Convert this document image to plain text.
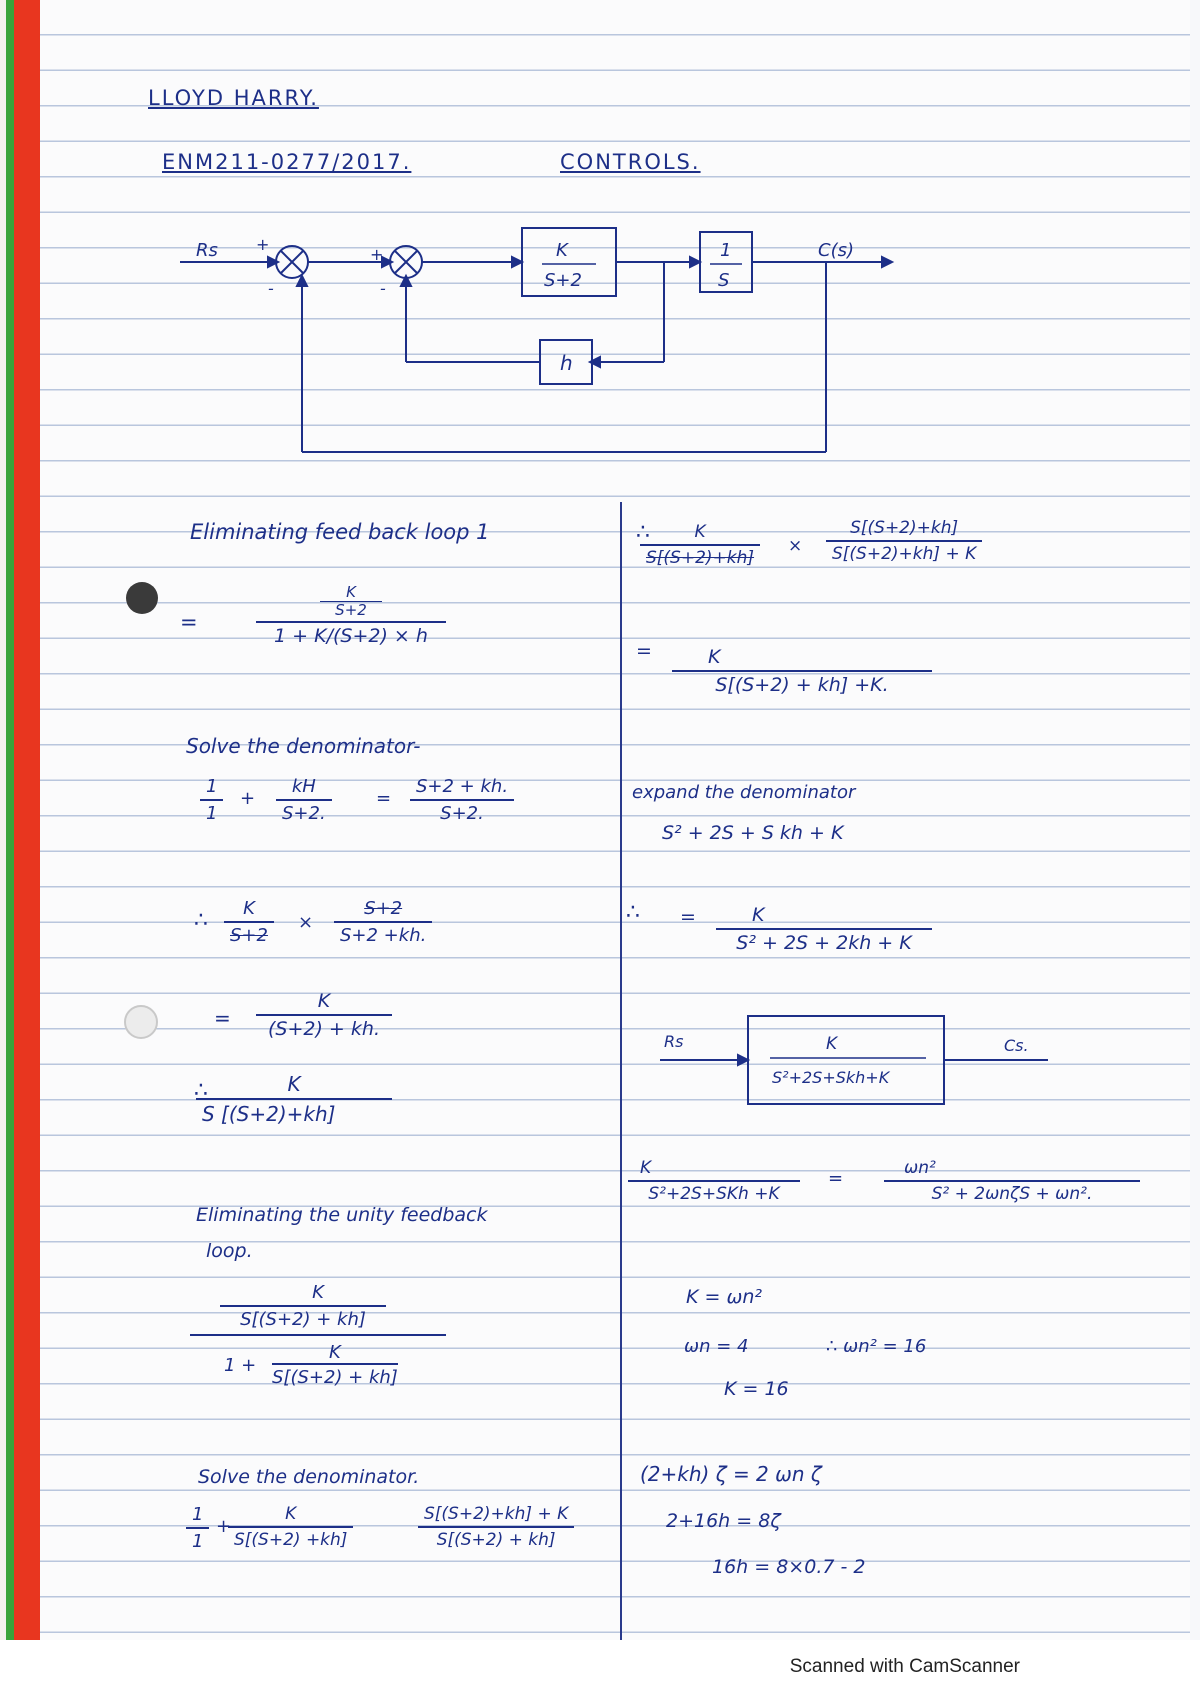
LLOYD HARRY.
ENM211-0277/2017.	CONTROLS.
Rs	C(s)
K
S+2
1
S
h
+
-
+
-
Eliminating feed back loop 1
=
K
S+2
1 + K/(S+2) × h
Solve the denominator-
1
1
+
kH
S+2.
=
S+2 + kh.
S+2.
∴	K
S+2
×
S+2
S+2 +kh.
=
K
(S+2) + kh.
∴	K
S [(S+2)+kh]
Eliminating the unity feedback
loop.
K
S[(S+2) + kh]
$1 + \frac{K}{S[(S+2) + kh]}$
Solve the denominator.
1
1
+
K
S[(S+2) +kh]
S[(S+2)+kh] + K
S[(S+2) + kh]
∴	K
S[(S+2)+kh]
×
S[(S+2)+kh]
S[(S+2)+kh] + K
=	K
S[(S+2) + kh] +K.
expand the denominator
S² + 2S + S kh + K
∴ =	K
S² + 2S + 2kh + K
Rs	K
S²+2S+Skh+K
Cs.
K
S²+2S+SKh +K
=	ωn²
S² + 2ωnζS + ωn².
K = ωn²
ωn = 4	∴ ωn² = 16
K = 16
(2+kh) ζ = 2 ωn ζ
2+16h = 8ζ
16h = 8×0.7 - 2
Scanned with CamScanner
